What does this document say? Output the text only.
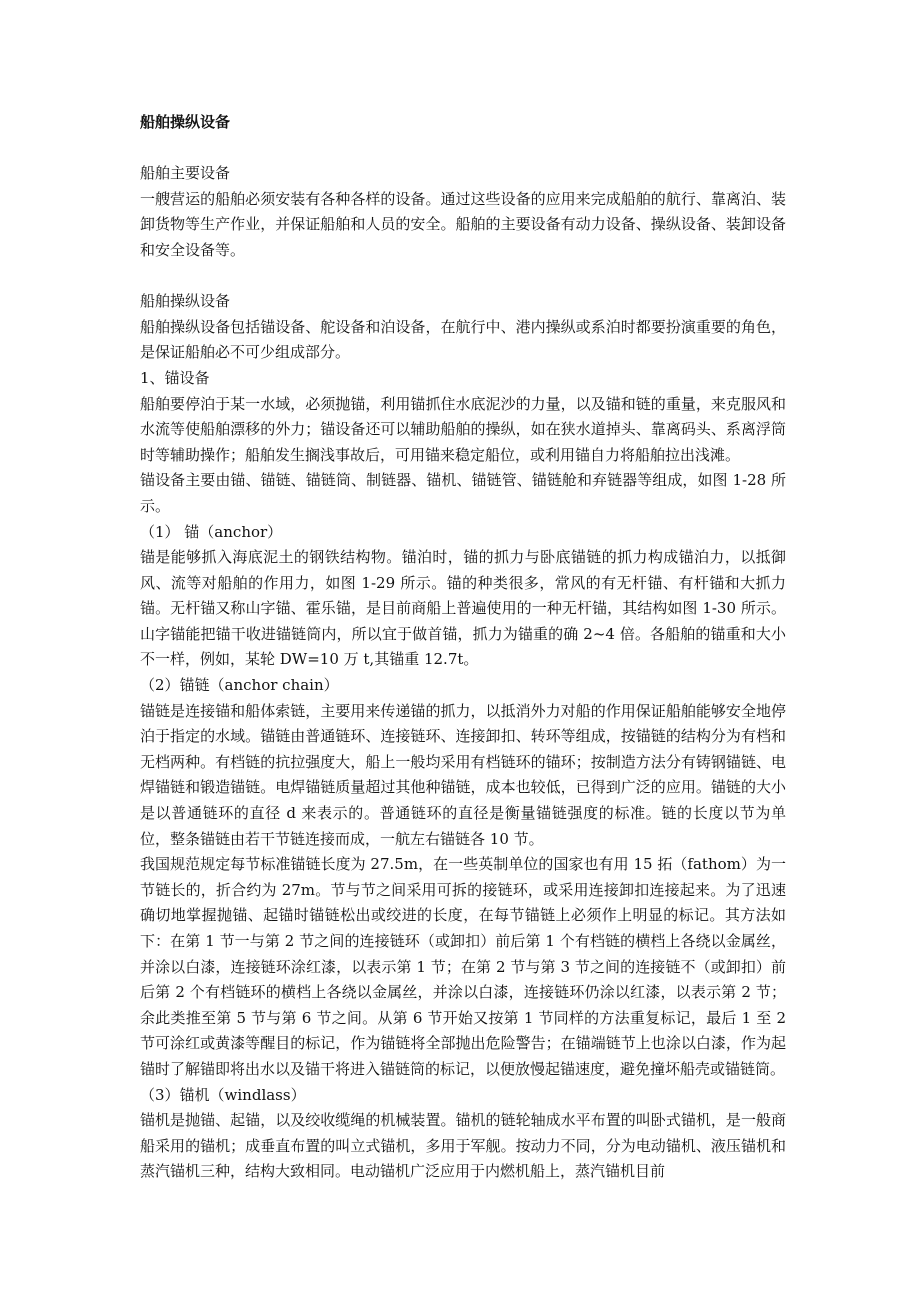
船舶操纵设备

船舶主要设备

一艘营运的船舶必须安装有各种各样的设备。通过这些设备的应用来完成船舶的航行、靠离泊、装卸货物等生产作业，并保证船舶和人员的安全。船舶的主要设备有动力设备、操纵设备、装卸设备和安全设备等。

船舶操纵设备

船舶操纵设备包括锚设备、舵设备和泊设备，在航行中、港内操纵或系泊时都要扮演重要的角色，是保证船舶必不可少组成部分。

1、锚设备

船舶要停泊于某一水域，必须抛锚，利用锚抓住水底泥沙的力量，以及锚和链的重量，来克服风和水流等使船舶漂移的外力；锚设备还可以辅助船舶的操纵，如在狭水道掉头、靠离码头、系离浮筒时等辅助操作；船舶发生搁浅事故后，可用锚来稳定船位，或利用锚自力将船舶拉出浅滩。

锚设备主要由锚、锚链、锚链筒、制链器、锚机、锚链管、锚链舱和弃链器等组成，如图 1-28 所示。

（1） 锚（anchor）

锚是能够抓入海底泥土的钢铁结构物。锚泊时，锚的抓力与卧底锚链的抓力构成锚泊力，以抵御风、流等对船舶的作用力，如图 1-29 所示。锚的种类很多，常风的有无杆锚、有杆锚和大抓力锚。无杆锚又称山字锚、霍乐锚，是目前商船上普遍使用的一种无杆锚，其结构如图 1-30 所示。山字锚能把锚干收进锚链筒内，所以宜于做首锚，抓力为锚重的确 2~4 倍。各船舶的锚重和大小不一样，例如，某轮 DW=10 万 t,其锚重 12.7t。

（2）锚链（anchor chain）

锚链是连接锚和船体索链，主要用来传递锚的抓力，以抵消外力对船的作用保证船舶能够安全地停泊于指定的水域。锚链由普通链环、连接链环、连接卸扣、转环等组成，按锚链的结构分为有档和无档两种。有档链的抗拉强度大，船上一般均采用有档链环的锚环；按制造方法分有铸钢锚链、电焊锚链和锻造锚链。电焊锚链质量超过其他种锚链，成本也较低，已得到广泛的应用。锚链的大小是以普通链环的直径 d 来表示的。普通链环的直径是衡量锚链强度的标准。链的长度以节为单位，整条锚链由若干节链连接而成，一航左右锚链各 10 节。

我国规范规定每节标准锚链长度为 27.5m，在一些英制单位的国家也有用 15 拓（fathom）为一节链长的，折合约为 27m。节与节之间采用可拆的接链环，或采用连接卸扣连接起来。为了迅速确切地掌握抛锚、起锚时锚链松出或绞进的长度，在每节锚链上必须作上明显的标记。其方法如下：在第 1 节一与第 2 节之间的连接链环（或卸扣）前后第 1 个有档链的横档上各绕以金属丝，并涂以白漆，连接链环涂红漆，以表示第 1 节；在第 2 节与第 3 节之间的连接链不（或卸扣）前后第 2 个有档链环的横档上各绕以金属丝，并涂以白漆，连接链环仍涂以红漆，以表示第 2 节；余此类推至第 5 节与第 6 节之间。从第 6 节开始又按第 1 节同样的方法重复标记，最后 1 至 2 节可涂红或黄漆等醒目的标记，作为锚链将全部抛出危险警告；在锚端链节上也涂以白漆，作为起锚时了解锚即将出水以及锚干将进入锚链筒的标记，以便放慢起锚速度，避免撞坏船壳或锚链筒。

（3）锚机（windlass）

锚机是抛锚、起锚，以及绞收缆绳的机械装置。锚机的链轮轴成水平布置的叫卧式锚机，是一般商船采用的锚机；成垂直布置的叫立式锚机，多用于军舰。按动力不同，分为电动锚机、液压锚机和蒸汽锚机三种，结构大致相同。电动锚机广泛应用于内燃机船上，蒸汽锚机目前
